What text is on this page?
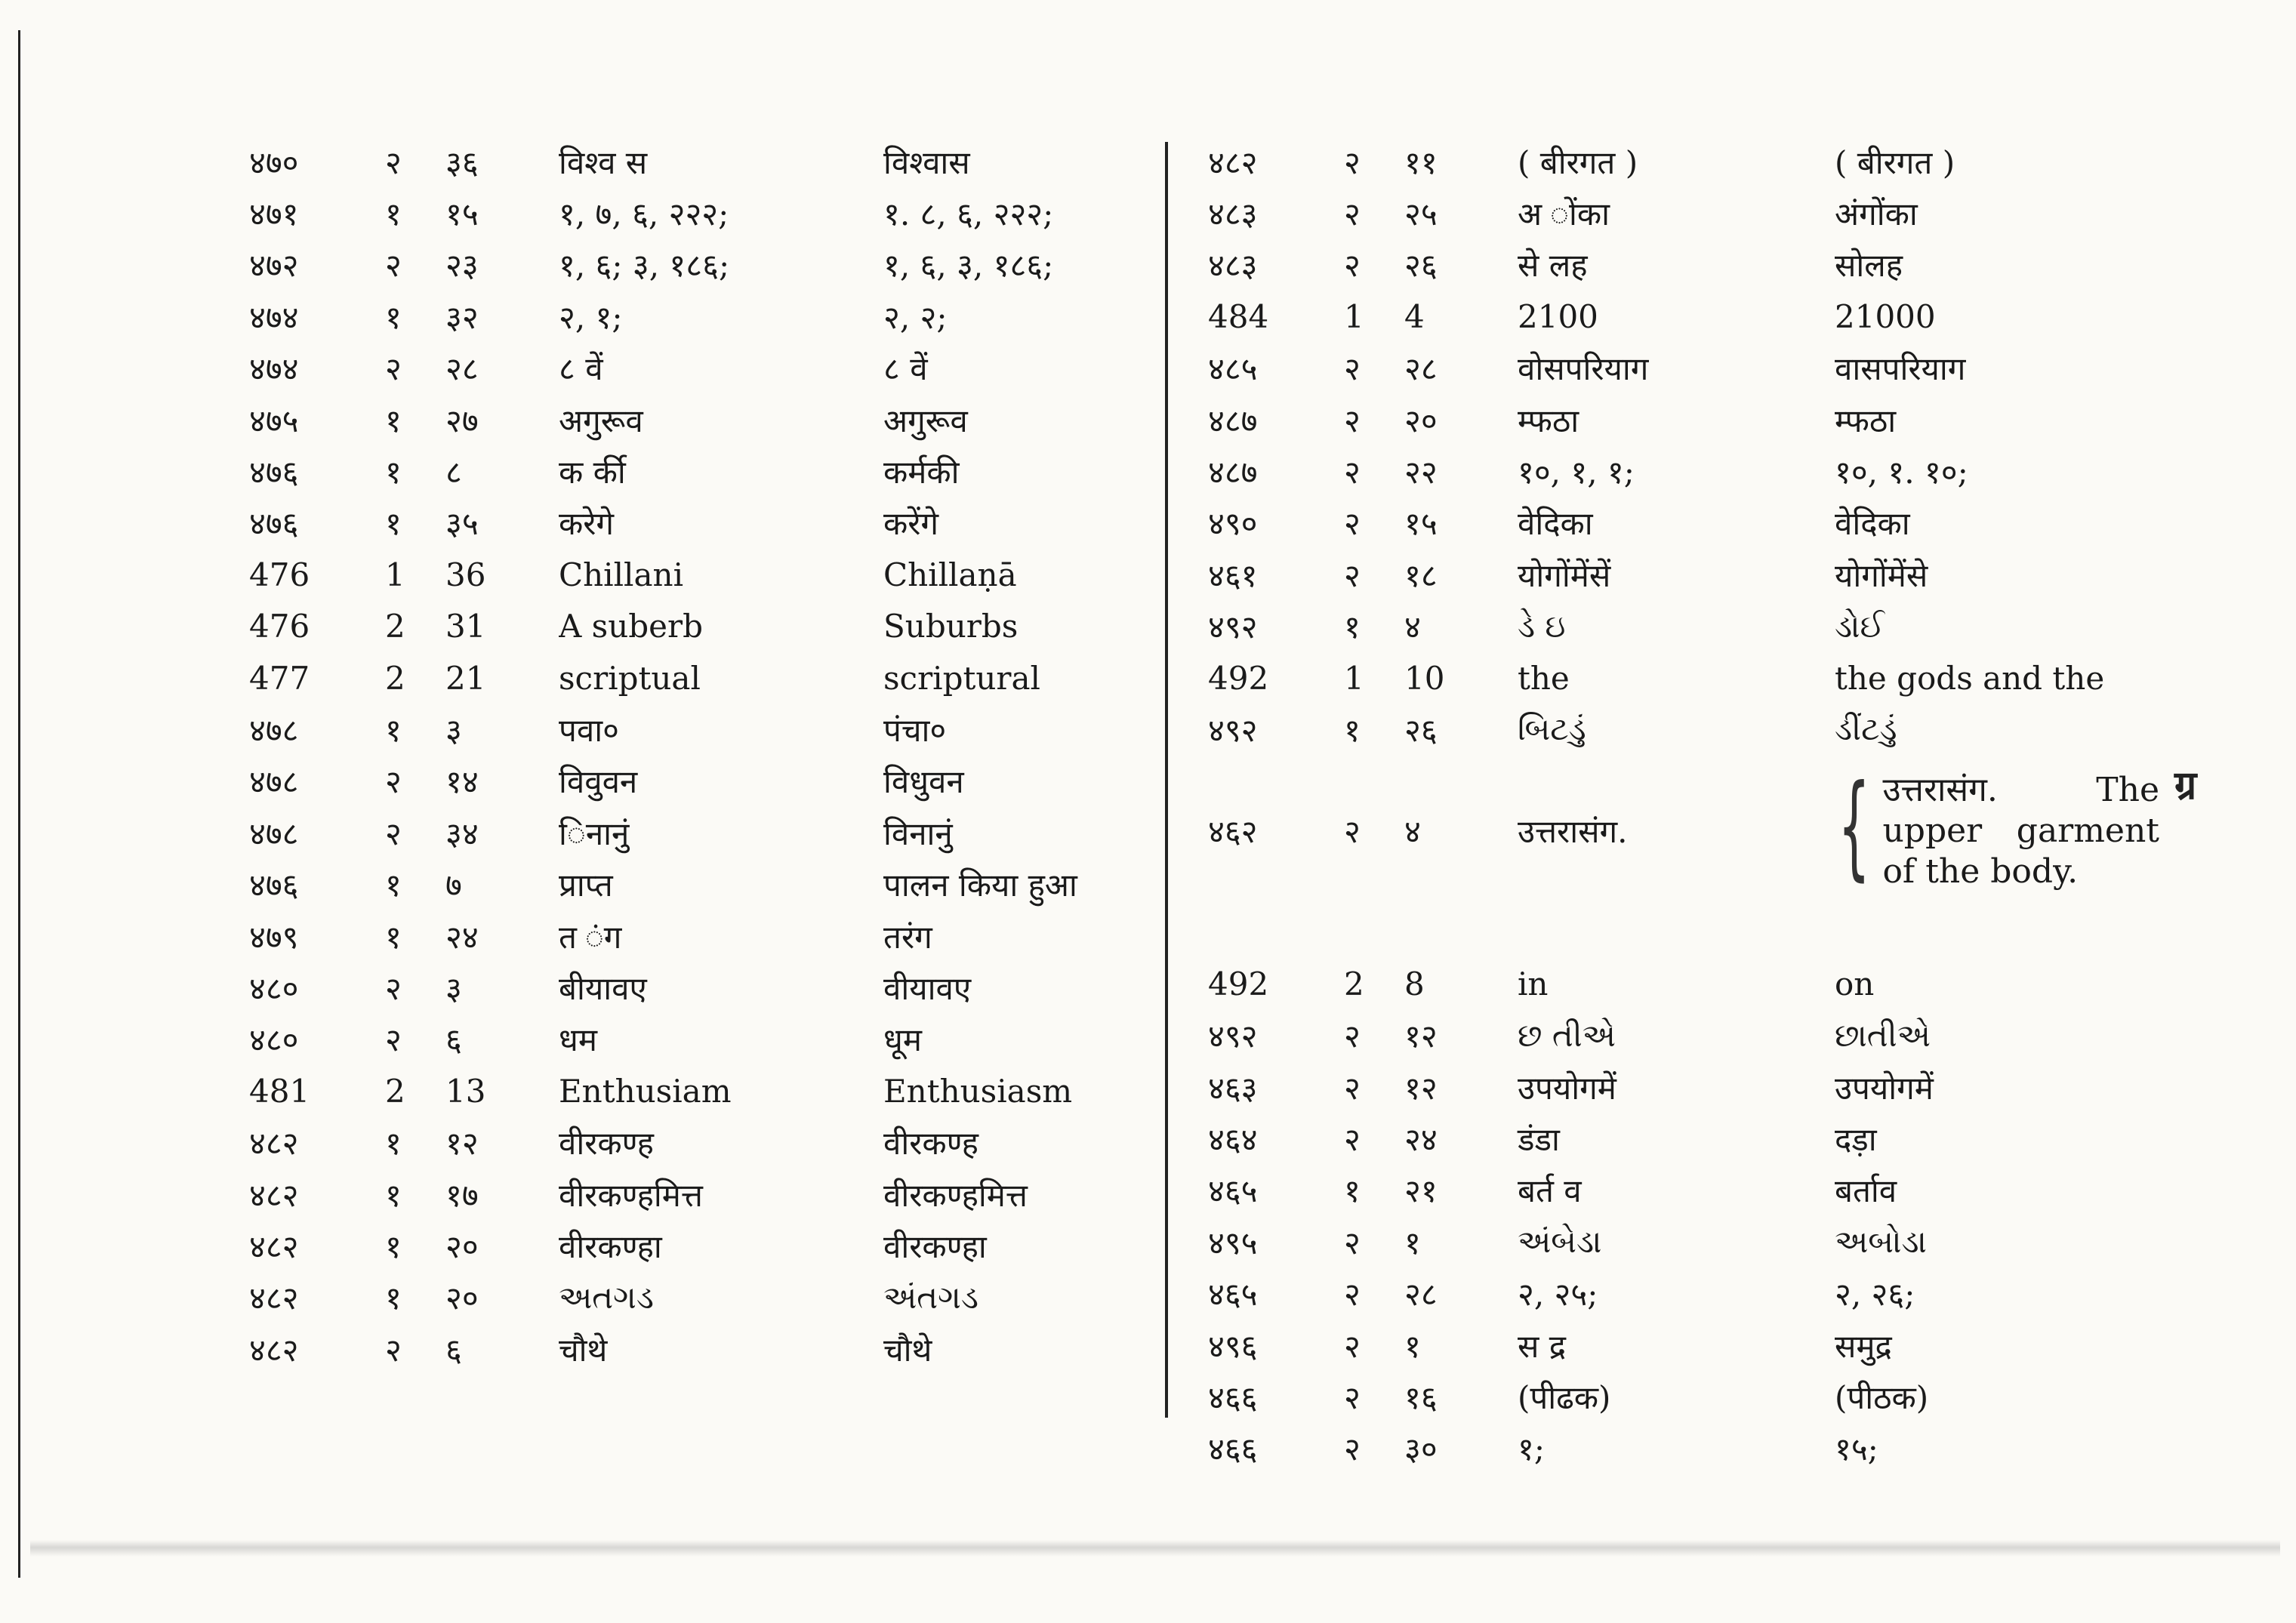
ग्र
४७०	२	३६	विश्व स	विश्वास
४७१	१	१५	१, ७, ६, २२२;	१. ८, ६, २२२;
४७२	२	२३	१, ६; ३, १८६;	१, ६, ३, १८६;
४७४	१	३२	२, १;	२, २;
४७४	२	२८	८ वें	८ वें
४७५	१	२७	अगुरूव	अगुरूव
४७६	१	८	क र्की	कर्मकी
४७६	१	३५	करेगे	करेंगे
476	1	36	Chillani	Chillaṇā
476	2	31	A suberb	Suburbs
477	2	21	scriptual	scriptural
४७८	१	३	पवा०	पंचा०
४७८	२	१४	विवुवन	विधुवन
४७८	२	३४	िनानुं	विनानुं
४७६	१	७	प्राप्त	पालन किया हुआ
४७९	१	२४	त ंग	तरंग
४८०	२	३	बीयावए	वीयावए
४८०	२	६	धम	धूम
481	2	13	Enthusiam	Enthusiasm
४८२	१	१२	वीरकण्ह	वीरकण्ह
४८२	१	१७	वीरकण्हमित्त	वीरकण्हमित्त
४८२	१	२०	वीरकण्हा	वीरकण्हा
४८२	१	२०	અતગડ	અંતગડ
४८२	२	६	चौथे	चौथे
४८२	२	११	( बीरगत )	( बीरगत )
४८३	२	२५	अ ोंका	अंगोंका
४८३	२	२६	से लह	सोलह
484	1	4	2100	21000
४८५	२	२८	वोसपरियाग	वासपरियाग
४८७	२	२०	म्फठा	म्फठा
४८७	२	२२	१०, १, १;	१०, १. १०;
४९०	२	१५	वेदिका	वेदिका
४६१	२	१८	योगोंमेंसें	योगोंमेंसे
४९२	१	४	ડે ઇ	ડોઈ
492	1	10	the	the gods and the
४९२	१	२६	બિટડું	ડીંટડું
४६२	२	४	उत्तरासंग.	{ उत्तरासंग. The upper garment of the body.

492	2	8	in	on
४९२	२	१२	છ તીએ	છાતીએ
४६३	२	१२	उपयोगमें	उपयोगमें
४६४	२	२४	डंडा	दड़ा
४६५	१	२१	बर्त व	बर्ताव
४९५	२	१	અંબેડા	અબોડા
४६५	२	२८	२, २५;	२, २६;
४९६	२	१	स द्र	समुद्र
४६६	२	१६	(पीढक)	(पीठक)
४६६	२	३०	१;	१५;
